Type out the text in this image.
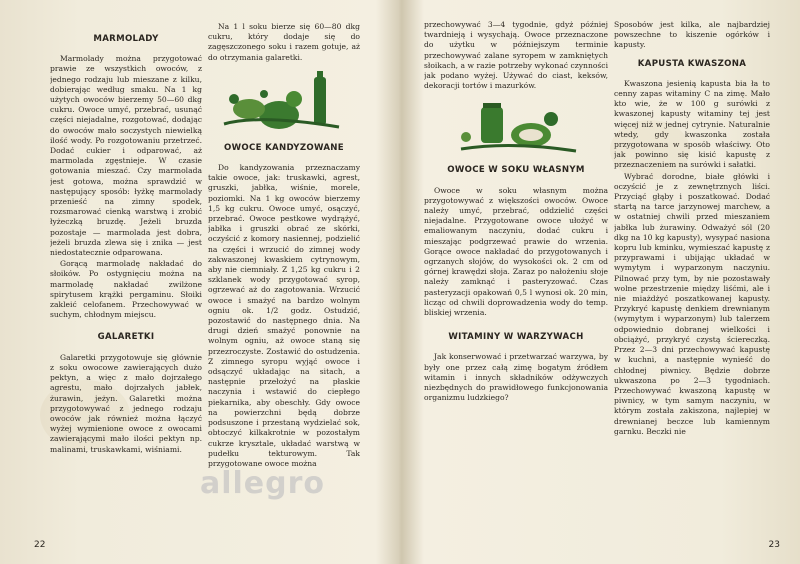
MARMOLADY

Marmolady można przygotować prawie ze wszystkich owoców, z jednego rodzaju lub mieszane z kilku, dobierając według smaku. Na 1 kg użytych owoców bierzemy 50—60 dkg cukru. Owoce umyć, przebrać, usunąć części niejadalne, rozgotować, dodając do owoców mało soczystych niewielką ilość wody. Po rozgotowaniu przetrzeć. Dodać cukier i odparować, aż marmolada zgęstnieje. W czasie gotowania mieszać. Czy marmolada jest gotowa, można sprawdzić w następujący sposób: łyżkę marmolady przenieść na zimny spodek, rozsmarować cienką warstwą i zrobić łyżeczką bruzdę. Jeżeli bruzda pozostaje — marmolada jest dobra, jeżeli bruzda zlewa się i znika — jest niedostatecznie odparowana.

Gorącą marmoladę nakładać do słoików. Po ostygnięciu można na marmoladę nakładać zwilżone spirytusem krążki pergaminu. Słoiki zakleić celofanem. Przechowywać w suchym, chłodnym miejscu.

GALARETKI

Galaretki przygotowuje się głównie z soku owocowe zawierających dużo pektyn, a więc z mało dojrzałego agrestu, mało dojrzałych jabłek, żurawin, jeżyn. Galaretki można przygotowywać z jednego rodzaju owoców jak również można łączyć wyżej wymienione owoce z owocami zawierającymi mało ilości pektyn np. malinami, truskawkami, wiśniami.

Na 1 l soku bierze się 60—80 dkg cukru, który dodaje się do zagęszczonego soku i razem gotuje, aż do otrzymania galaretki.

OWOCE KANDYZOWANE

Do kandyzowania przeznaczamy takie owoce, jak: truskawki, agrest, gruszki, jabłka, wiśnie, morele, poziomki. Na 1 kg owoców bierzemy 1,5 kg cukru. Owoce umyć, osączyć, przebrać. Owoce pestkowe wydrążyć, jabłka i gruszki obrać ze skórki, oczyścić z komory nasiennej, podzielić na części i wrzucić do zimnej wody zakwaszonej kwaskiem cytrynowym, aby nie ciemniały. Z 1,25 kg cukru i 2 szklanek wody przygotować syrop, ogrzewać aż do zagotowania. Wrzucić owoce i smażyć na bardzo wolnym ogniu ok. 1/2 godz. Ostudzić, pozostawić do następnego dnia. Na drugi dzień smażyć ponownie na wolnym ogniu, aż owoce staną się przezroczyste. Zostawić do ostudzenia. Z zimnego syropu wyjąć owoce i odsączyć układając na sitach, a następnie przełożyć na płaskie naczynia i wstawić do ciepłego piekarnika, aby obeschły. Gdy owoce na powierzchni będą dobrze podsuszone i przestaną wydzielać sok, obtoczyć kilkakrotnie w pozostałym cukrze krysztale, układać warstwą w pudełku tekturowym. Tak przygotowane owoce można

22

przechowywać 3—4 tygodnie, gdyż później twardnieją i wysychają. Owoce przeznaczone do użytku w późniejszym terminie przechowywać zalane syropem w zamkniętych słoikach, a w razie potrzeby wykonać czynności jak podano wyżej. Używać do ciast, keksów, dekoracji tortów i mazurków.

OWOCE W SOKU WŁASNYM

Owoce w soku własnym można przygotowywać z większości owoców. Owoce należy umyć, przebrać, oddzielić części niejadalne. Przygotowane owoce ułożyć w emaliowanym naczyniu, dodać cukru i mieszając podgrzewać prawie do wrzenia. Gorące owoce nakładać do przygotowanych i ogrzanych słojów, do wysokości ok. 2 cm od górnej krawędzi słoja. Zaraz po nałożeniu słoje należy zamknąć i pasteryzować. Czas pasteryzacji opakowań 0,5 l wynosi ok. 20 min, licząc od chwili doprowadzenia wody do temp. bliskiej wrzenia.

WITAMINY W WARZYWACH

Jak konserwować i przetwarzać warzywa, by były one przez całą zimę bogatym źródłem witamin i innych składników odżywczych niezbędnych do prawidłowego funkcjonowania organizmu ludzkiego?

Sposobów jest kilka, ale najbardziej powszechne to kiszenie ogórków i kapusty.

KAPUSTA KWASZONA

Kwaszona jesienią kapusta bia ła to cenny zapas witaminy C na zimę. Mało kto wie, że w 100 g surówki z kwaszonej kapusty witaminy tej jest więcej niż w jednej cytrynie. Naturalnie wtedy, gdy kwaszonka została przygotowana w sposób właściwy. Oto jak powinno się kisić kapustę z przeznaczeniem na surówki i sałatki.

Wybrać dorodne, białe główki i oczyścić je z zewnętrznych liści. Przyciąć głąby i poszatkować. Dodać startą na tarce jarzynowej marchew, a w ostatniej chwili przed mieszaniem jabłka lub żurawiny. Odważyć sól (20 dkg na 10 kg kapusty), wysypać nasiona kopru lub kminku, wymieszać kapustę z przyprawami i ubijając układać w wymytym i wyparzonym naczyniu. Pilnować przy tym, by nie pozostawały wolne przestrzenie między liśćmi, ale i nie miażdżyć poszatkowanej kapusty. Przykryć kapustę denkiem drewnianym (wymytym i wyparzonym) lub talerzem odpowiednio dobranej wielkości i obciążyć, przykryć czystą ściereczką. Przez 2—3 dni przechowywać kapustę w kuchni, a następnie wynieść do chłodnej piwnicy. Będzie dobrze ukwaszona po 2—3 tygodniach. Przechowywać kwaszoną kapustę w piwnicy, w tym samym naczyniu, w którym została zakiszona, najlepiej w drewnianej beczce lub kamiennym garnku. Beczki nie

23
allegro
